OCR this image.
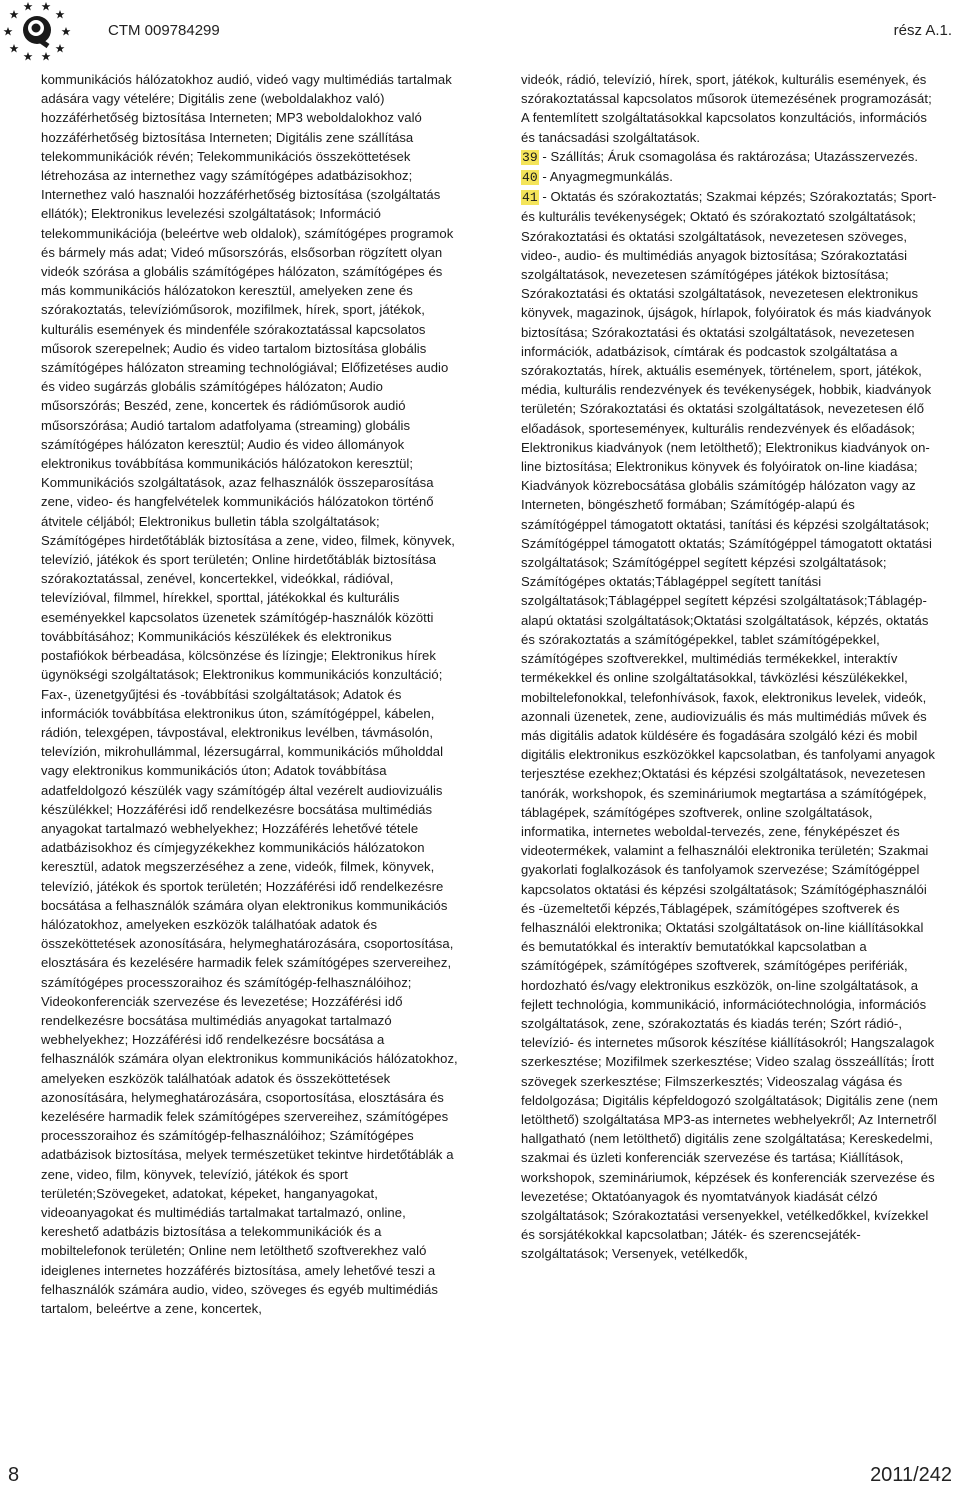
CTM 009784299	rész A.1.

kommunikációs hálózatokhoz audió, videó vagy multimédiás tartalmak adására vagy vételére; Digitális zene (weboldalakhoz való) hozzáférhetőség biztosítása Interneten; MP3 weboldalokhoz való hozzáférhetőség biztosítása Interneten; Digitális zene szállítása telekommunikációk révén; Telekommunikációs összeköttetések létrehozása az internethez vagy számítógépes adatbázisokhoz; Internethez való hasznalói hozzáférhetőség biztosítása (szolgáltatás ellátók); Elektronikus levelezési szolgáltatások; Információ telekommunikációja (beleértve web oldalok), számítógépes programok és bármely más adat; Videó műsorszórás, elsősorban rögzített olyan videók szórása a globális számítógépes hálózaton, számítógépes és más kommunikációs hálózatokon keresztül, amelyeken zene és szórakoztatás, televízióműsorok, mozifilmek, hírek, sport, játékok, kulturális események és mindenféle szórakoztatással kapcsolatos műsorok szerepelnek; Audio és video tartalom biztosítása globális számítógépes hálózaton streaming technológiával; Előfizetéses audio és video sugárzás globális számítógépes hálózaton; Audio műsorszórás; Beszéd, zene, koncertek és rádióműsorok audió műsorszórása; Audió tartalom adatfolyama (streaming) globális számítógépes hálózaton keresztül; Audio és video állományok elektronikus továbbítása kommunikációs hálózatokon keresztül; Kommunikációs szolgáltatások, azaz felhasználók összeparosítása zene, video- és hangfelvételek kommunikációs hálózatokon történő átvitele céljából; Elektronikus bulletin tábla szolgáltatások; Számítógépes hirdetőtáblák biztosítása a zene, video, filmek, könyvek, televízió, játékok és sport területén; Online hirdetőtáblák biztosítása szórakoztatással, zenével, koncertekkel, videókkal, rádióval, televízióval, filmmel, hírekkel, sporttal, játékokkal és kulturális eseményekkel kapcsolatos üzenetek számítógép-használók közötti továbbításához; Kommunikációs készülékek és elektronikus postafiókok bérbeadása, kölcsönzése és lízingje; Elektronikus hírek ügynökségi szolgáltatások; Elektronikus kommunikációs konzultáció; Fax-, üzenetgyűjtési és -továbbítási szolgáltatások; Adatok és információk továbbítása elektronikus úton, számítógéppel, kábelen, rádión, telexgépen, távpostával, elektronikus levélben, távmásolón, televízión, mikrohullámmal, lézersugárral, kommunikációs műholddal vagy elektronikus kommunikációs úton; Adatok továbbítása adatfeldolgozó készülék vagy számítógép által vezérelt audiovizuális készülékkel; Hozzáférési idő rendelkezésre bocsátása multimédiás anyagokat tartalmazó webhelyekhez; Hozzáférés lehetővé tétele adatbázisokhoz és címjegyzékekhez kommunikációs hálózatokon keresztül, adatok megszerzéséhez a zene, videók, filmek, könyvek, televízió, játékok és sportok területén; Hozzáférési idő rendelkezésre bocsátása a felhasználók számára olyan elektronikus kommunikációs hálózatokhoz, amelyeken eszközök találhatóak adatok és összeköttetések azonosítására, helymeghatározására, csoportosítása, elosztására és kezelésére harmadik felek számítógépes szervereihez, számítógépes processzoraihoz és számítógép-felhasználóihoz; Videokonferenciák szervezése és levezetése; Hozzáférési idő rendelkezésre bocsátása multimédiás anyagokat tartalmazó webhelyekhez; Hozzáférési idő rendelkezésre bocsátása a felhasználók számára olyan elektronikus kommunikációs hálózatokhoz, amelyeken eszközök találhatóak adatok és összeköttetések azonosítására, helymeghatározására, csoportosítása, elosztására és kezelésére harmadik felek számítógépes szervereihez, számítógépes processzoraihoz és számítógép-felhasználóihoz; Számítógépes adatbázisok biztosítása, melyek természetüket tekintve hirdetőtáblák a zene, video, film, könyvek, televízió, játékok és sport területén;Szövegeket, adatokat, képeket, hanganyagokat, videoanyagokat és multimédiás tartalmakat tartalmazó, online, kereshető adatbázis biztosítása a telekommunikációk és a mobiltelefonok területén; Online nem letölthető szoftverekhez való ideiglenes internetes hozzáférés biztosítása, amely lehetővé teszi a felhasználók számára audio, video, szöveges és egyéb multimédiás tartalom, beleértve a zene, koncertek,

videók, rádió, televízió, hírek, sport, játékok, kulturális események, és szórakoztatással kapcsolatos műsorok ütemezésének programozását; A fentemlített szolgáltatásokkal kapcsolatos konzultációs, információs és tanácsadási szolgáltatások.

39 - Szállítás; Áruk csomagolása és raktározása; Utazásszervezés.

40 - Anyagmegmunkálás.

41 - Oktatás és szórakoztatás; Szakmai képzés; Szórakoztatás; Sport- és kulturális tevékenységek; Oktató és szórakoztató szolgáltatások; Szórakoztatási és oktatási szolgáltatások, nevezetesen szöveges, video-, audio- és multimédiás anyagok biztosítása; Szórakoztatási szolgáltatások, nevezetesen számítógépes játékok biztosítása; Szórakoztatási és oktatási szolgáltatások, nevezetesen elektronikus könyvek, magazinok, újságok, hírlapok, folyóiratok és más kiadványok biztosítása; Szórakoztatási és oktatási szolgáltatások, nevezetesen információk, adatbázisok, címtárak és podcastok szolgáltatása a szórakoztatás, hírek, aktuális események, történelem, sport, játékok, média, kulturális rendezvények és tevékenységek, hobbik, kiadványok területén; Szórakoztatási és oktatási szolgáltatások, nevezetesen élő előadások, sporteseményeк, kulturális rendezvények és előadások; Elektronikus kiadványok (nem letölthető); Elektronikus kiadványok on-line biztosítása; Elektronikus könyvek és folyóiratok on-line kiadása; Kiadványok közrebocsátása globális számítógép hálózaton vagy az Interneten, böngészhető formában; Számítógép-alapú és számítógéppel támogatott oktatási, tanítási és képzési szolgáltatások; Számítógéppel támogatott oktatás; Számítógéppel támogatott oktatási szolgáltatások; Számítógéppel segített képzési szolgáltatások; Számítógépes oktatás;Táblagéppel segített tanítási szolgáltatások;Táblagéppel segített képzési szolgáltatások;Táblagép-alapú oktatási szolgáltatások;Oktatási szolgáltatások, képzés, oktatás és szórakoztatás a számítógépekkel, tablet számítógépekkel, számítógépes szoftverekkel, multimédiás termékekkel, interaktív termékekkel és online szolgáltatásokkal, távközlési készülékekkel, mobiltelefonokkal, telefonhívások, faxok, elektronikus levelek, videók, azonnali üzenetek, zene, audiovizuális és más multimédiás művek és más digitális adatok küldésére és fogadására szolgáló kézi és mobil digitális elektronikus eszközökkel kapcsolatban, és tanfolyami anyagok terjesztése ezekhez;Oktatási és képzési szolgáltatások, nevezetesen tanórák, workshopok, és szemináriumok megtartása a számítógépek, táblagépek, számítógépes szoftverek, online szolgáltatások, informatika, internetes weboldal-tervezés, zene, fényképészet és videotermékek, valamint a felhasználói elektronika területén; Szakmai gyakorlati foglalkozások és tanfolyamok szervezése; Számítógéppel kapcsolatos oktatási és képzési szolgáltatások; Számítógéphasználói és -üzemeltetői képzés,Táblagépek, számítógépes szoftverek és felhasználói elektronika; Oktatási szolgáltatások on-line kiállításokkal és bemutatókkal és interaktív bemutatókkal kapcsolatban a számítógépek, számítógépes szoftverek, számítógépes perifériák, hordozható és/vagy elektronikus eszközök, on-line szolgáltatások, a fejlett technológia, kommunikáció, információtechnológia, információs szolgáltatások, zene, szórakoztatás és kiadás terén; Szórt rádió-, televízió- és internetes műsorok készítése kiállításokról; Hangszalagok szerkesztése; Mozifilmek szerkesztése; Video szalag összeállítás; Írott szövegek szerkesztése; Filmszerkesztés; Videoszalag vágása és feldolgozása; Digitális képfeldogozó szolgáltatások; Digitális zene (nem letölthető) szolgáltatása MP3-as internetes webhelyekről; Az Internetről hallgatható (nem letölthető) digitális zene szolgáltatása; Kereskedelmi, szakmai és üzleti konferenciák szervezése és tartása; Kiállítások, workshopok, szemináriumok, képzések és konferenciák szervezése és levezetése; Oktatóanyagok és nyomtatványok kiadását célzó szolgáltatások; Szórakoztatási versenyekkel, vetélkedőkkel, kvízekkel és sorsjátékokkal kapcsolatban; Játék- és szerencsejáték-szolgáltatások; Versenyek, vetélkedők,

8	2011/242
